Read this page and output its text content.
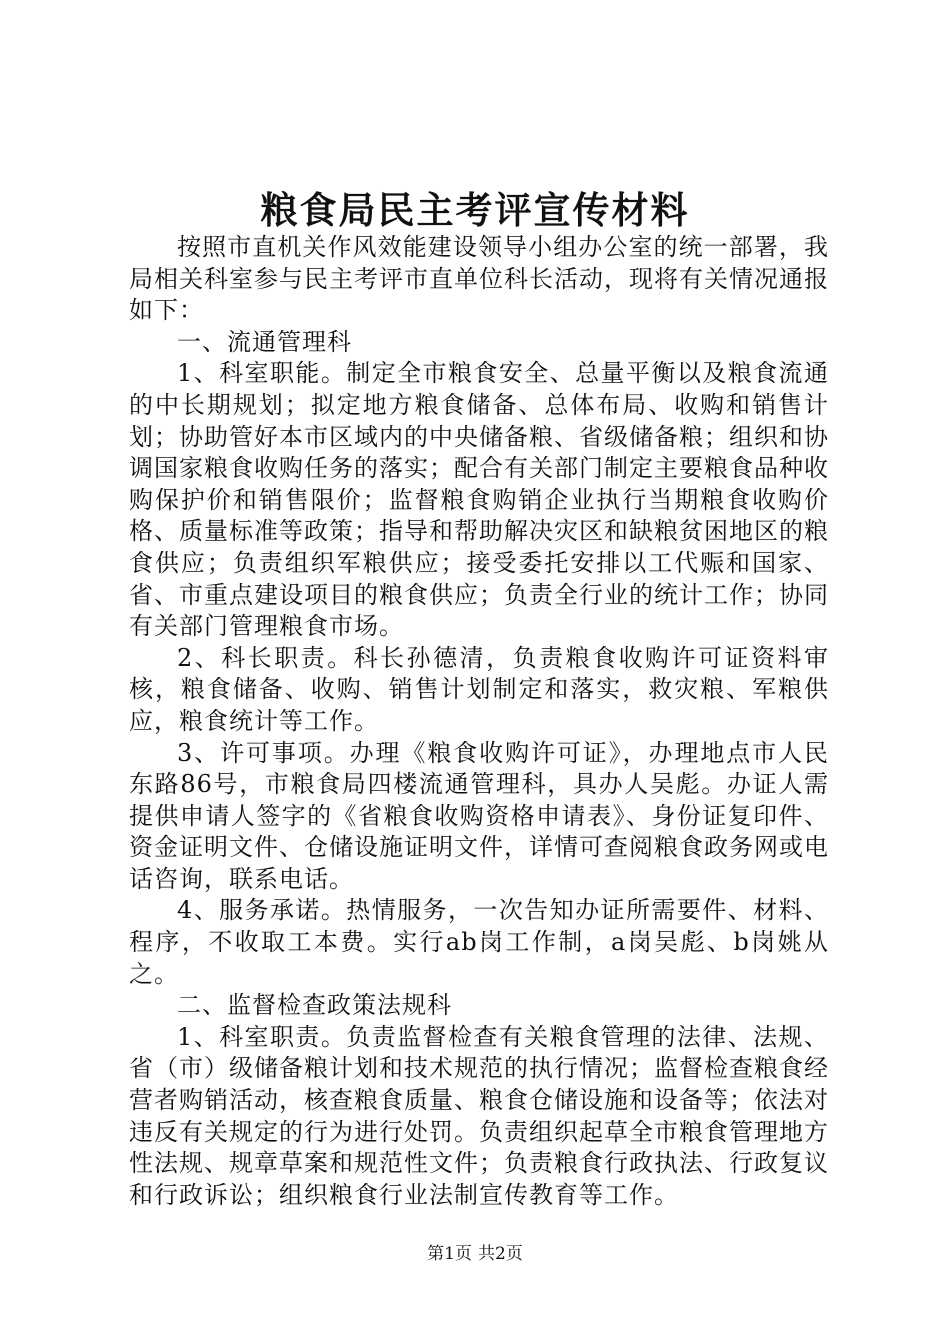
粮食局民主考评宣传材料

按照市直机关作风效能建设领导小组办公室的统一部署，我局相关科室参与民主考评市直单位科长活动，现将有关情况通报如下：

一、流通管理科

1、科室职能。制定全市粮食安全、总量平衡以及粮食流通的中长期规划；拟定地方粮食储备、总体布局、收购和销售计划；协助管好本市区域内的中央储备粮、省级储备粮；组织和协调国家粮食收购任务的落实；配合有关部门制定主要粮食品种收购保护价和销售限价；监督粮食购销企业执行当期粮食收购价格、质量标准等政策；指导和帮助解决灾区和缺粮贫困地区的粮食供应；负责组织军粮供应；接受委托安排以工代赈和国家、省、市重点建设项目的粮食供应；负责全行业的统计工作；协同有关部门管理粮食市场。

2、科长职责。科长孙德清，负责粮食收购许可证资料审核，粮食储备、收购、销售计划制定和落实，救灾粮、军粮供应，粮食统计等工作。

3、许可事项。办理《粮食收购许可证》，办理地点市人民东路86号，市粮食局四楼流通管理科，具办人吴彪。办证人需提供申请人签字的《省粮食收购资格申请表》、身份证复印件、资金证明文件、仓储设施证明文件，详情可查阅粮食政务网或电话咨询，联系电话。

4、服务承诺。热情服务，一次告知办证所需要件、材料、程序，不收取工本费。实行ab岗工作制，a岗吴彪、b岗姚从之。

二、监督检查政策法规科

1、科室职责。负责监督检查有关粮食管理的法律、法规、省（市）级储备粮计划和技术规范的执行情况；监督检查粮食经营者购销活动，核查粮食质量、粮食仓储设施和设备等；依法对违反有关规定的行为进行处罚。负责组织起草全市粮食管理地方性法规、规章草案和规范性文件；负责粮食行政执法、行政复议和行政诉讼；组织粮食行业法制宣传教育等工作。

第1页 共2页
